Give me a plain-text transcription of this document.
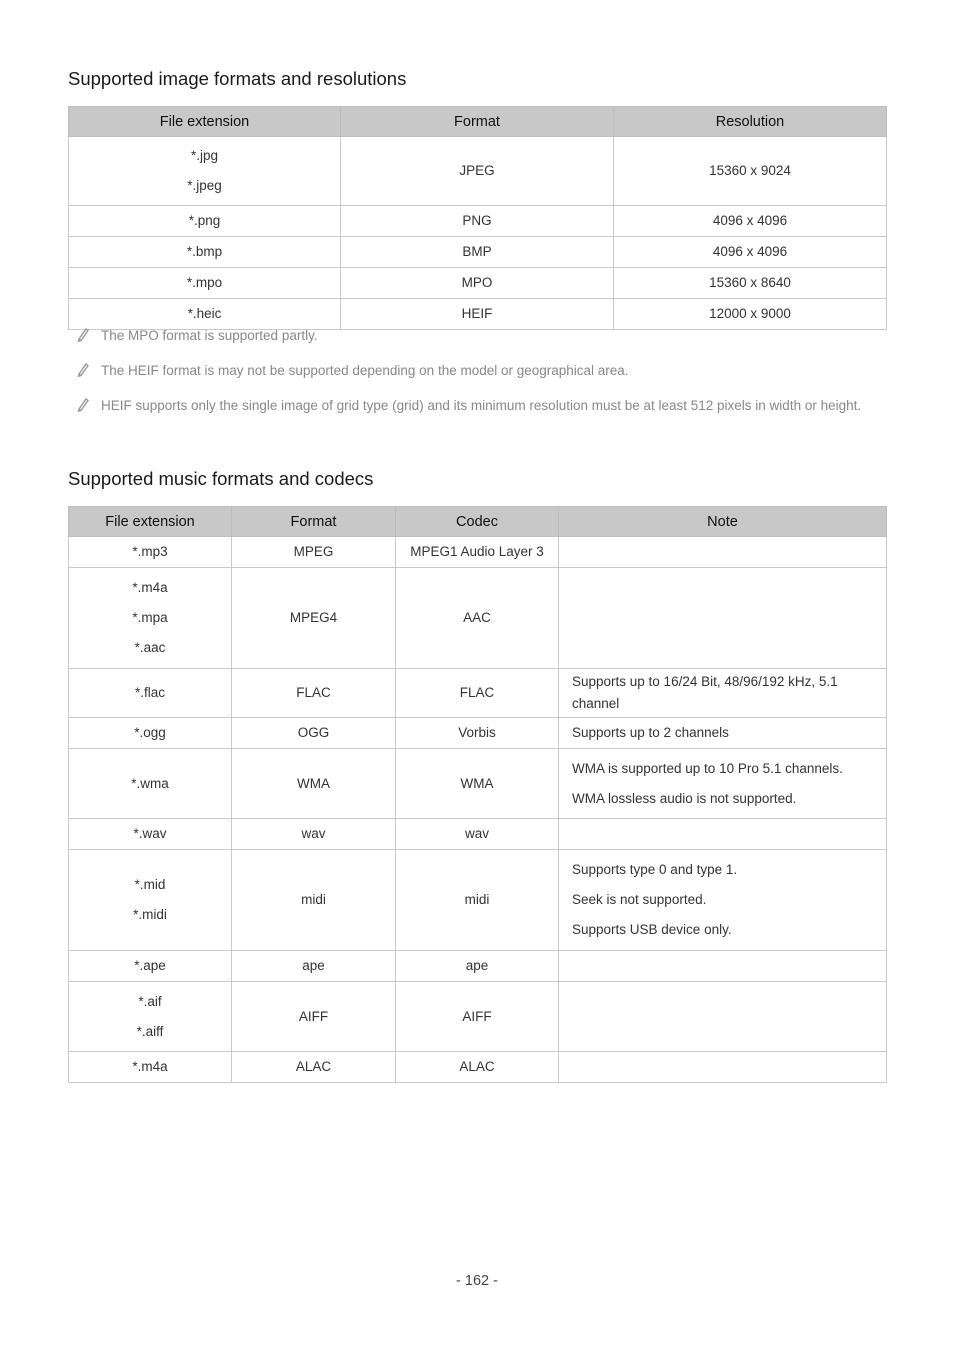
Supported image formats and resolutions
File extension	Format	Resolution

*.jpg
*.jpeg	JPEG	15360 x 9024

*.png	PNG	4096 x 4096

*.bmp	BMP	4096 x 4096

*.mpo	MPO	15360 x 8640

*.heic	HEIF	12000 x 9000
The MPO format is supported partly.
The HEIF format is may not be supported depending on the model or geographical area.
HEIF supports only the single image of grid type (grid) and its minimum resolution must be at least 512 pixels in width or height.
Supported music formats and codecs
File extension	Format	Codec	Note

*.mp3	MPEG	MPEG1 Audio Layer 3	

*.m4a
*.mpa
*.aac	MPEG4	AAC	

*.flac	FLAC	FLAC	Supports up to 16/24 Bit, 48/96/192 kHz, 5.1 channel

*.ogg	OGG	Vorbis	Supports up to 2 channels

*.wma	WMA	WMA	WMA is supported up to 10 Pro 5.1 channels.
WMA lossless audio is not supported.

*.wav	wav	wav	

*.mid
*.midi	midi	midi	Supports type 0 and type 1.
Seek is not supported.
Supports USB device only.

*.ape	ape	ape	

*.aif
*.aiff	AIFF	AIFF	

*.m4a	ALAC	ALAC	
- 162 -
